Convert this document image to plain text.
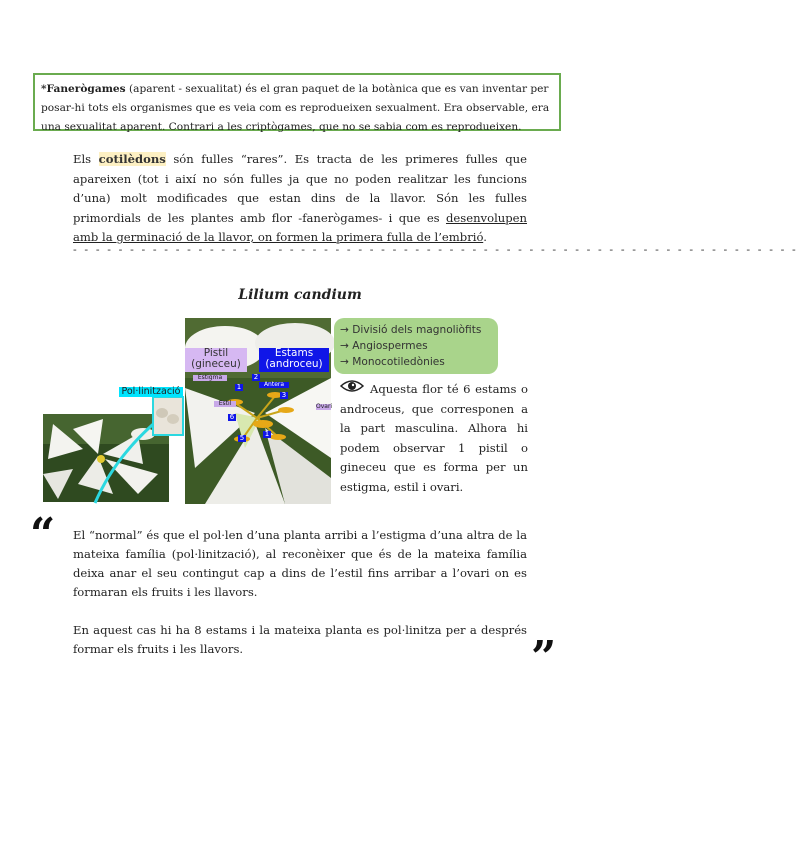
*Fanerògames (aparent - sexualitat) és el gran paquet de la botànica que es van inventar per posar-hi tots els organismes que es veia com es reprodueixen sexualment. Era observable, era una sexualitat aparent. Contrari a les criptògames, que no se sabia com es reprodueixen.
Els cotilèdons són fulles “rares”. Es tracta de les primeres fulles que apareixen (tot i així no són fulles ja que no poden realitzar les funcions d’una) molt modificades que estan dins de la llavor. Són les fulles primordials de les plantes amb flor -fanerògames- i que es desenvolupen amb la germinació de la llavor, on formen la primera fulla de l’embrió.
- - - - - - - - - - - - - - - - - - - - - - - - - - - - - - - - - - - - - - - - - - - - - - - - - - - - - - - - - - - - - - - -
Lilium candium
Pistil
(gineceu)
Estams
(androceu)
Estigma
Antera
Estil	Ovari
1
2
3
6
5	1
Pol·linització
→ Divisió dels magnoliòfits
→ Angiospermes
→ Monocotiledònies
Aquesta flor té 6 estams o androceus, que corresponen a la part masculina. Alhora hi podem observar 1 pistil o gineceu que es forma per un estigma, estil i ovari.
“ El “normal” és que el pol·len d’una planta arribi a l’estigma d’una altra de la mateixa família (pol·linització), al reconèixer que és de la mateixa família deixa anar el seu contingut cap a dins de l’estil fins arribar a l’ovari on es formaran els fruits i les llavors.
En aquest cas hi ha 8 estams i la mateixa planta es pol·linitza per a després formar els fruits i les llavors.	”
